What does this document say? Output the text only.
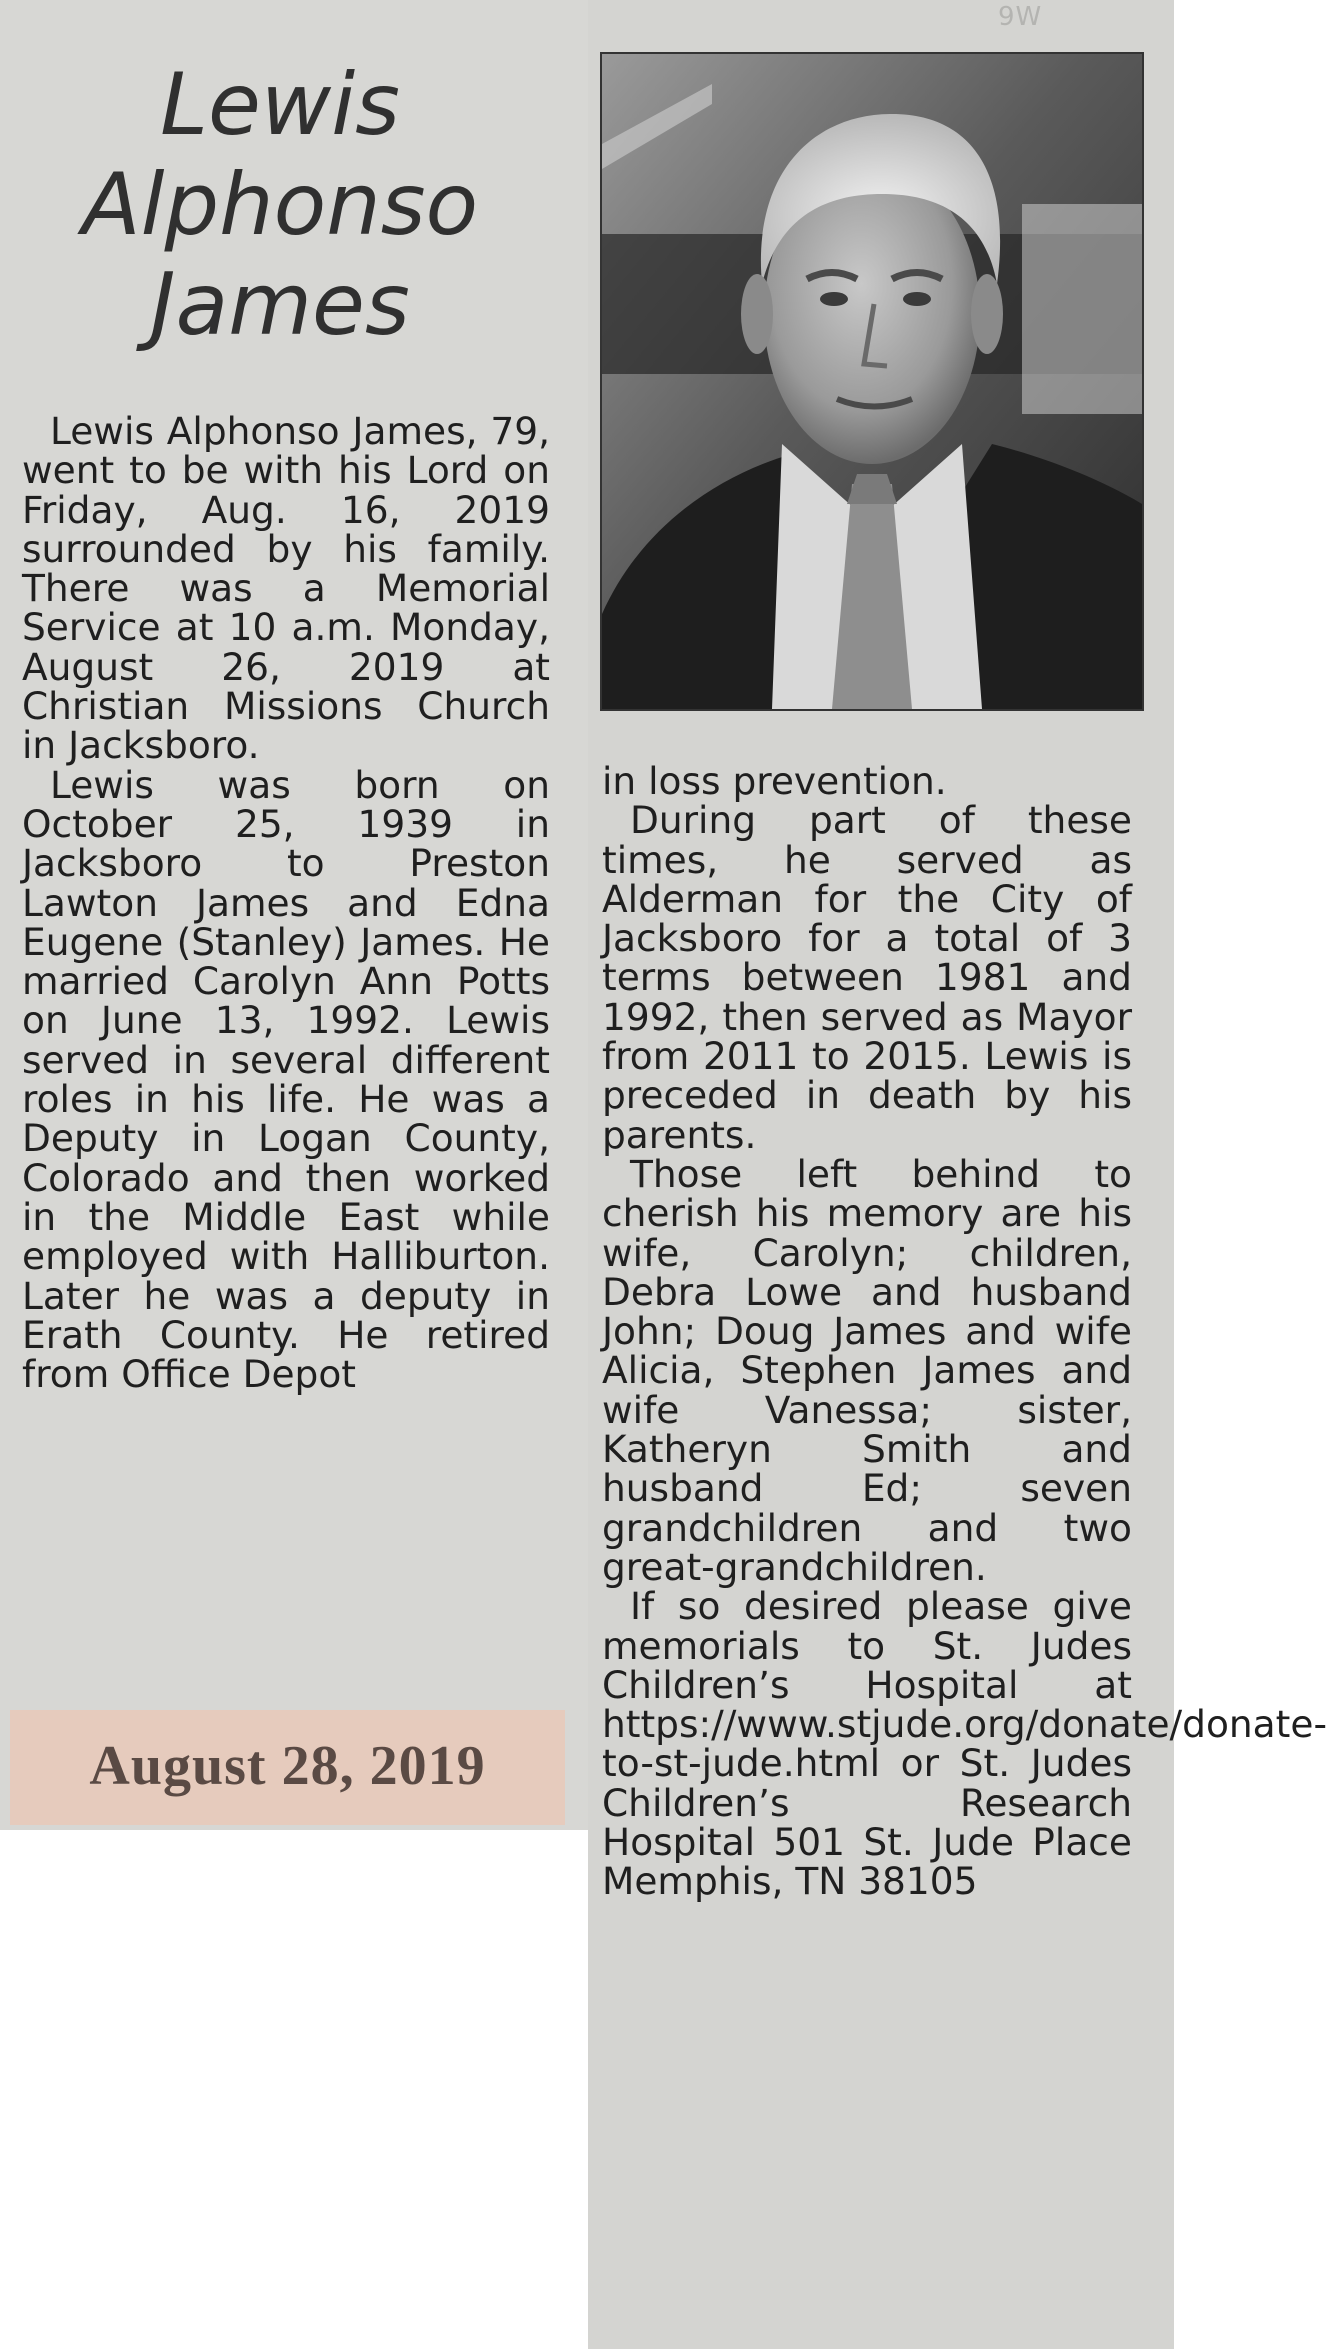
Lewis
Alphonso
James

Lewis Alphonso James, 79, went to be with his Lord on Friday, Aug. 16, 2019 surrounded by his family. There was a Memorial Service at 10 a.m. Monday, August 26, 2019 at Christian Missions Church in Jacksboro.

Lewis was born on October 25, 1939 in Jacksboro to Preston Lawton James and Edna Eugene (Stanley) James. He married Carolyn Ann Potts on June 13, 1992. Lewis served in several different roles in his life. He was a Deputy in Logan County, Colorado and then worked in the Middle East while employed with Halliburton. Later he was a deputy in Erath County. He retired from Office Depot

August 28, 2019
9W

in loss prevention.

During part of these times, he served as Alderman for the City of Jacksboro for a total of 3 terms between 1981 and 1992, then served as Mayor from 2011 to 2015. Lewis is preceded in death by his parents.

Those left behind to cherish his memory are his wife, Carolyn; children, Debra Lowe and husband John; Doug James and wife Alicia, Stephen James and wife Vanessa; sister, Katheryn Smith and husband Ed; seven grandchildren and two great-grandchildren.

If so desired please give memorials to St. Judes Children’s Hospital at https://www.stjude.org/donate/donate-to-st-jude.html or St. Judes Children’s Research Hospital 501 St. Jude Place Memphis, TN 38105
